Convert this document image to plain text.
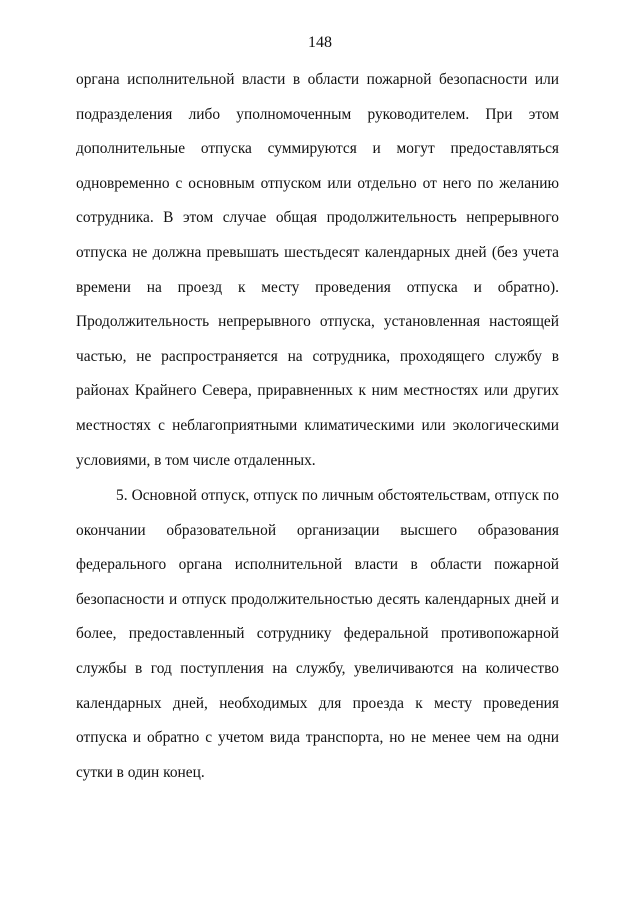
148

органа исполнительной власти в области пожарной безопасности или подразделения либо уполномоченным руководителем. При этом дополнительные отпуска суммируются и могут предоставляться одновременно с основным отпуском или отдельно от него по желанию сотрудника. В этом случае общая продолжительность непрерывного отпуска не должна превышать шестьдесят календарных дней (без учета времени на проезд к месту проведения отпуска и обратно). Продолжительность непрерывного отпуска, установленная настоящей частью, не распространяется на сотрудника, проходящего службу в районах Крайнего Севера, приравненных к ним местностях или других местностях с неблагоприятными климатическими или экологическими условиями, в том числе отдаленных.

5. Основной отпуск, отпуск по личным обстоятельствам, отпуск по окончании образовательной организации высшего образования федерального органа исполнительной власти в области пожарной безопасности и отпуск продолжительностью десять календарных дней и более, предоставленный сотруднику федеральной противопожарной службы в год поступления на службу, увеличиваются на количество календарных дней, необходимых для проезда к месту проведения отпуска и обратно с учетом вида транспорта, но не менее чем на одни сутки в один конец.
